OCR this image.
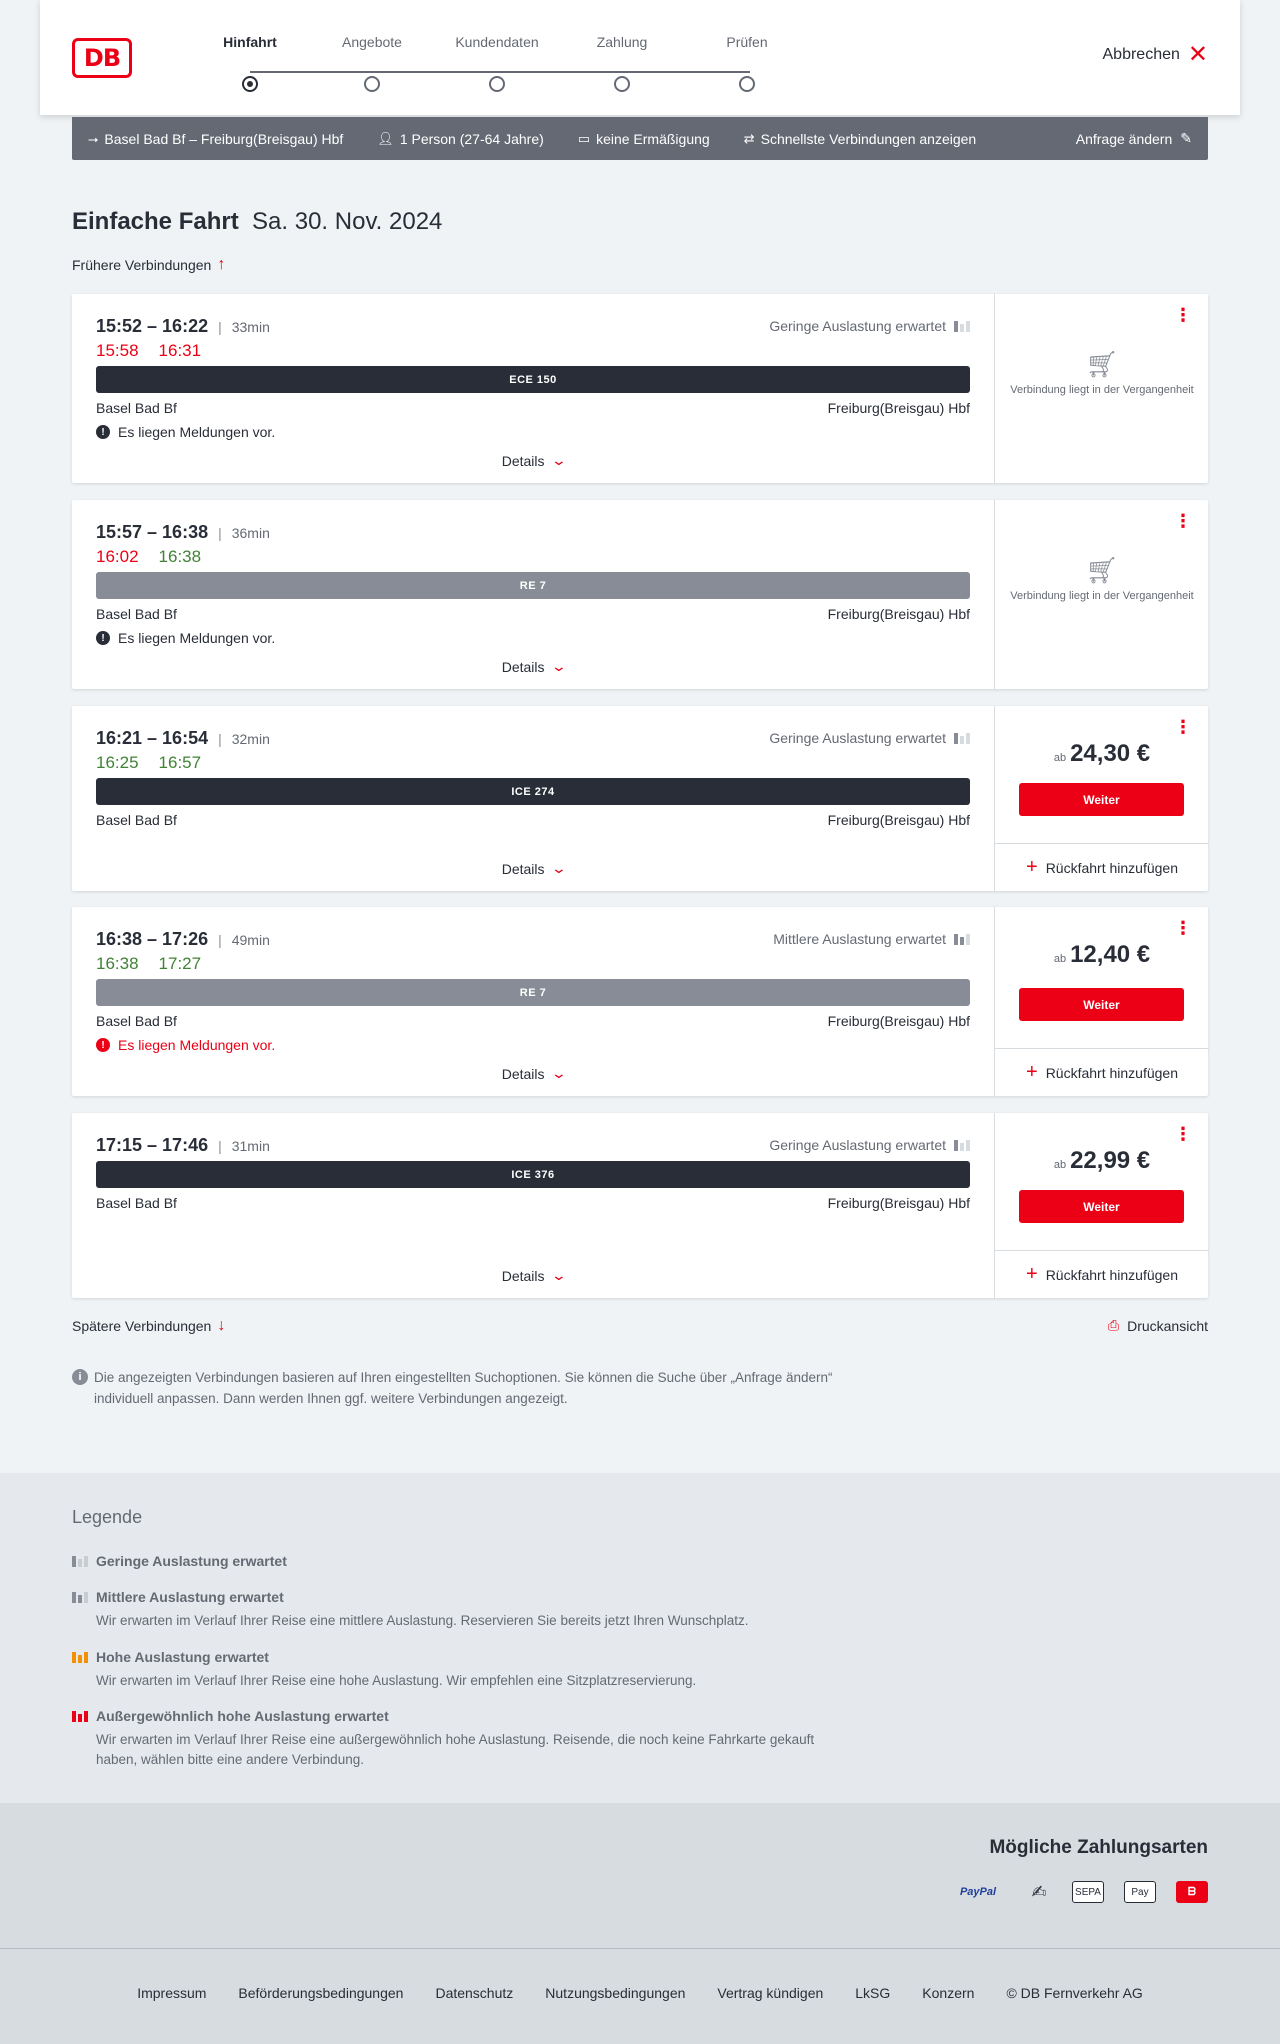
DB
Hinfahrt	Angebote	Kundendaten	Zahlung	Prüfen
Abbrechen ✕
⭢ Basel Bad Bf – Freiburg(Breisgau) Hbf	👤︎ 1 Person (27-64 Jahre)	▭ keine Ermäßigung	⇄ Schnellste Verbindungen anzeigen	Anfrage ändern ✎
Einfache Fahrt Sa. 30. Nov. 2024
Frühere Verbindungen ↑
15:52 – 16:22 | 33min
15:58 16:31
Geringe Auslastung erwartet
ECE 150
Basel Bad Bf	Freiburg(Breisgau) Hbf
! Es liegen Meldungen vor.
Details ⌄
⋮
🛒︎
Verbindung liegt in der Vergangenheit
15:57 – 16:38 | 36min
16:02 16:38
RE 7
Basel Bad Bf	Freiburg(Breisgau) Hbf
! Es liegen Meldungen vor.
Details ⌄
⋮
🛒︎
Verbindung liegt in der Vergangenheit
16:21 – 16:54 | 32min
16:25 16:57
Geringe Auslastung erwartet
ICE 274
Basel Bad Bf	Freiburg(Breisgau) Hbf
Details ⌄
⋮
ab 24,30 €
Weiter
+ Rückfahrt hinzufügen
16:38 – 17:26 | 49min
16:38 17:27
Mittlere Auslastung erwartet
RE 7
Basel Bad Bf	Freiburg(Breisgau) Hbf
! Es liegen Meldungen vor.
Details ⌄
⋮
ab 12,40 €
Weiter
+ Rückfahrt hinzufügen
17:15 – 17:46 | 31min	Geringe Auslastung erwartet
ICE 376
Basel Bad Bf	Freiburg(Breisgau) Hbf
Details ⌄
⋮
ab 22,99 €
Weiter
+ Rückfahrt hinzufügen
Spätere Verbindungen ↓	⎙ Druckansicht
i Die angezeigten Verbindungen basieren auf Ihren eingestellten Suchoptionen. Sie können die Suche über „Anfrage ändern“ individuell anpassen. Dann werden Ihnen ggf. weitere Verbindungen angezeigt.
Legende
Geringe Auslastung erwartet
Mittlere Auslastung erwartet
Wir erwarten im Verlauf Ihrer Reise eine mittlere Auslastung. Reservieren Sie bereits jetzt Ihren Wunschplatz.
Hohe Auslastung erwartet
Wir erwarten im Verlauf Ihrer Reise eine hohe Auslastung. Wir empfehlen eine Sitzplatzreservierung.
Außergewöhnlich hohe Auslastung erwartet
Wir erwarten im Verlauf Ihrer Reise eine außergewöhnlich hohe Auslastung. Reisende, die noch keine Fahrkarte gekauft haben, wählen bitte eine andere Verbindung.
Mögliche Zahlungsarten
PayPal	✍	SEPA	Pay	ᗷ
Impressum Beförderungsbedingungen Datenschutz Nutzungsbedingungen Vertrag kündigen LkSG Konzern © DB Fernverkehr AG
